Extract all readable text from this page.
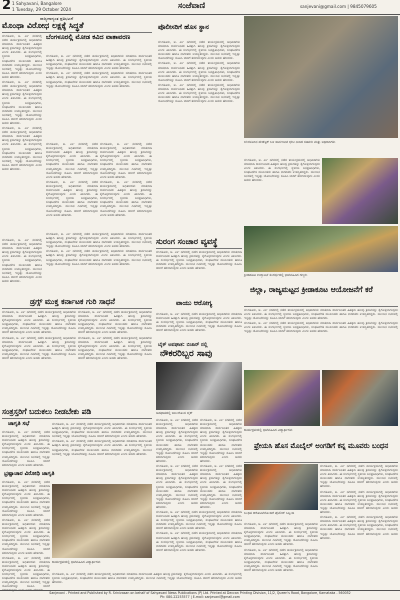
2 1 Sahyavani, Bangalore
1 Tuesday, 29 October 2024	ಸಂಜೆವಾಣಿ	sanjevani@gmail.com | 9845079605
ರಾಜ್ಯದಾದ್ಯಂತ ಪ್ರತಿಭಟನೆ
ಮೊಂಥಾ ವಿರೋಧ ಲಕ್ಷಕ್ಕೆ ಸಿದ್ಧತೆ

ಬೆಂಗಳೂರು, ಅ. ೨೮- ನಗರದಲ್ಲಿ ನಡೆದ ಕಾರ್ಯಕ್ರಮದಲ್ಲಿ ಅಧಿಕಾರಿಗಳು ಮಾತನಾಡಿ ಸಾರ್ವಜನಿಕರ ಹಿತಕ್ಕಾಗಿ ಹಲವು ಕ್ರಮಗಳನ್ನು ಕೈಗೊಳ್ಳಲಾಗುವುದು ಎಂದು ತಿಳಿಸಿದರು. ಈ ಸಂದರ್ಭದಲ್ಲಿ ಸ್ಥಳೀಯ ಜನಪ್ರತಿನಿಧಿಗಳು, ಸಂಘಟನೆಗಳ ಮುಖಂಡರು ಹಾಗೂ ನಾಗರಿಕರು ಉಪಸ್ಥಿತರಿದ್ದರು. ಮುಂದಿನ ದಿನಗಳಲ್ಲಿ ಇನ್ನಷ್ಟು ಯೋಜನೆಗಳನ್ನು ರೂಪಿಸಿ ಜಾರಿಗೆ ತರಲಾಗುವುದು ಎಂದು ಅವರು ಹೇಳಿದರು.

ಬೆಂಗಳೂರು, ಅ. ೨೮- ನಗರದಲ್ಲಿ ನಡೆದ ಕಾರ್ಯಕ್ರಮದಲ್ಲಿ ಅಧಿಕಾರಿಗಳು ಮಾತನಾಡಿ ಸಾರ್ವಜನಿಕರ ಹಿತಕ್ಕಾಗಿ ಹಲವು ಕ್ರಮಗಳನ್ನು ಕೈಗೊಳ್ಳಲಾಗುವುದು ಎಂದು ತಿಳಿಸಿದರು. ಈ ಸಂದರ್ಭದಲ್ಲಿ ಸ್ಥಳೀಯ ಜನಪ್ರತಿನಿಧಿಗಳು, ಸಂಘಟನೆಗಳ ಮುಖಂಡರು ಹಾಗೂ ನಾಗರಿಕರು ಉಪಸ್ಥಿತರಿದ್ದರು. ಮುಂದಿನ ದಿನಗಳಲ್ಲಿ ಇನ್ನಷ್ಟು ಯೋಜನೆಗಳನ್ನು ರೂಪಿಸಿ ಜಾರಿಗೆ ತರಲಾಗುವುದು ಎಂದು ಅವರು ಹೇಳಿದರು.

ಬೆಂಗಳೂರು, ಅ. ೨೮- ನಗರದಲ್ಲಿ ನಡೆದ ಕಾರ್ಯಕ್ರಮದಲ್ಲಿ ಅಧಿಕಾರಿಗಳು ಮಾತನಾಡಿ ಸಾರ್ವಜನಿಕರ ಹಿತಕ್ಕಾಗಿ ಹಲವು ಕ್ರಮಗಳನ್ನು ಕೈಗೊಳ್ಳಲಾಗುವುದು ಎಂದು ತಿಳಿಸಿದರು. ಈ ಸಂದರ್ಭದಲ್ಲಿ ಸ್ಥಳೀಯ ಜನಪ್ರತಿನಿಧಿಗಳು, ಸಂಘಟನೆಗಳ ಮುಖಂಡರು ಹಾಗೂ ನಾಗರಿಕರು ಉಪಸ್ಥಿತರಿದ್ದರು. ಮುಂದಿನ ದಿನಗಳಲ್ಲಿ ಇನ್ನಷ್ಟು ಯೋಜನೆಗಳನ್ನು ರೂಪಿಸಿ ಜಾರಿಗೆ ತರಲಾಗುವುದು ಎಂದು ಅವರು ಹೇಳಿದರು.

ಬೆಂಗಳೂರಲ್ಲಿ ಮೋಡ ಕವಿದ ವಾತಾವರಣ

ಬೆಂಗಳೂರು, ಅ. ೨೮- ನಗರದಲ್ಲಿ ನಡೆದ ಕಾರ್ಯಕ್ರಮದಲ್ಲಿ ಅಧಿಕಾರಿಗಳು ಮಾತನಾಡಿ ಸಾರ್ವಜನಿಕರ ಹಿತಕ್ಕಾಗಿ ಹಲವು ಕ್ರಮಗಳನ್ನು ಕೈಗೊಳ್ಳಲಾಗುವುದು ಎಂದು ತಿಳಿಸಿದರು. ಈ ಸಂದರ್ಭದಲ್ಲಿ ಸ್ಥಳೀಯ ಜನಪ್ರತಿನಿಧಿಗಳು, ಸಂಘಟನೆಗಳ ಮುಖಂಡರು ಹಾಗೂ ನಾಗರಿಕರು ಉಪಸ್ಥಿತರಿದ್ದರು. ಮುಂದಿನ ದಿನಗಳಲ್ಲಿ ಇನ್ನಷ್ಟು ಯೋಜನೆಗಳನ್ನು ರೂಪಿಸಿ ಜಾರಿಗೆ ತರಲಾಗುವುದು ಎಂದು ಅವರು ಹೇಳಿದರು.

ಬೆಂಗಳೂರು, ಅ. ೨೮- ನಗರದಲ್ಲಿ ನಡೆದ ಕಾರ್ಯಕ್ರಮದಲ್ಲಿ ಅಧಿಕಾರಿಗಳು ಮಾತನಾಡಿ ಸಾರ್ವಜನಿಕರ ಹಿತಕ್ಕಾಗಿ ಹಲವು ಕ್ರಮಗಳನ್ನು ಕೈಗೊಳ್ಳಲಾಗುವುದು ಎಂದು ತಿಳಿಸಿದರು. ಈ ಸಂದರ್ಭದಲ್ಲಿ ಸ್ಥಳೀಯ ಜನಪ್ರತಿನಿಧಿಗಳು, ಸಂಘಟನೆಗಳ ಮುಖಂಡರು ಹಾಗೂ ನಾಗರಿಕರು ಉಪಸ್ಥಿತರಿದ್ದರು. ಮುಂದಿನ ದಿನಗಳಲ್ಲಿ ಇನ್ನಷ್ಟು ಯೋಜನೆಗಳನ್ನು ರೂಪಿಸಿ ಜಾರಿಗೆ ತರಲಾಗುವುದು ಎಂದು ಅವರು ಹೇಳಿದರು.

ಬೆಂಗಳೂರು, ಅ. ೨೮- ನಗರದಲ್ಲಿ ನಡೆದ ಕಾರ್ಯಕ್ರಮದಲ್ಲಿ ಅಧಿಕಾರಿಗಳು ಮಾತನಾಡಿ ಸಾರ್ವಜನಿಕರ ಹಿತಕ್ಕಾಗಿ ಹಲವು ಕ್ರಮಗಳನ್ನು ಕೈಗೊಳ್ಳಲಾಗುವುದು ಎಂದು ತಿಳಿಸಿದರು. ಈ ಸಂದರ್ಭದಲ್ಲಿ ಸ್ಥಳೀಯ ಜನಪ್ರತಿನಿಧಿಗಳು, ಸಂಘಟನೆಗಳ ಮುಖಂಡರು ಹಾಗೂ ನಾಗರಿಕರು ಉಪಸ್ಥಿತರಿದ್ದರು. ಮುಂದಿನ ದಿನಗಳಲ್ಲಿ ಇನ್ನಷ್ಟು ಯೋಜನೆಗಳನ್ನು ರೂಪಿಸಿ ಜಾರಿಗೆ ತರಲಾಗುವುದು ಎಂದು ಅವರು ಹೇಳಿದರು.

ಬೆಂಗಳೂರು, ಅ. ೨೮- ನಗರದಲ್ಲಿ ನಡೆದ ಕಾರ್ಯಕ್ರಮದಲ್ಲಿ ಅಧಿಕಾರಿಗಳು ಮಾತನಾಡಿ ಸಾರ್ವಜನಿಕರ ಹಿತಕ್ಕಾಗಿ ಹಲವು ಕ್ರಮಗಳನ್ನು ಕೈಗೊಳ್ಳಲಾಗುವುದು ಎಂದು ತಿಳಿಸಿದರು. ಈ ಸಂದರ್ಭದಲ್ಲಿ ಸ್ಥಳೀಯ ಜನಪ್ರತಿನಿಧಿಗಳು, ಸಂಘಟನೆಗಳ ಮುಖಂಡರು ಹಾಗೂ ನಾಗರಿಕರು ಉಪಸ್ಥಿತರಿದ್ದರು. ಮುಂದಿನ ದಿನಗಳಲ್ಲಿ ಇನ್ನಷ್ಟು ಯೋಜನೆಗಳನ್ನು ರೂಪಿಸಿ ಜಾರಿಗೆ ತರಲಾಗುವುದು ಎಂದು ಅವರು ಹೇಳಿದರು.

ಬೆಂಗಳೂರು, ಅ. ೨೮- ನಗರದಲ್ಲಿ ನಡೆದ ಕಾರ್ಯಕ್ರಮದಲ್ಲಿ ಅಧಿಕಾರಿಗಳು ಮಾತನಾಡಿ ಸಾರ್ವಜನಿಕರ ಹಿತಕ್ಕಾಗಿ ಹಲವು ಕ್ರಮಗಳನ್ನು ಕೈಗೊಳ್ಳಲಾಗುವುದು ಎಂದು ತಿಳಿಸಿದರು. ಈ ಸಂದರ್ಭದಲ್ಲಿ ಸ್ಥಳೀಯ ಜನಪ್ರತಿನಿಧಿಗಳು, ಸಂಘಟನೆಗಳ ಮುಖಂಡರು ಹಾಗೂ ನಾಗರಿಕರು ಉಪಸ್ಥಿತರಿದ್ದರು. ಮುಂದಿನ ದಿನಗಳಲ್ಲಿ ಇನ್ನಷ್ಟು ಯೋಜನೆಗಳನ್ನು ರೂಪಿಸಿ ಜಾರಿಗೆ ತರಲಾಗುವುದು ಎಂದು ಅವರು ಹೇಳಿದರು.

ಬೆಂಗಳೂರು, ಅ. ೨೮- ನಗರದಲ್ಲಿ ನಡೆದ ಕಾರ್ಯಕ್ರಮದಲ್ಲಿ ಅಧಿಕಾರಿಗಳು ಮಾತನಾಡಿ ಸಾರ್ವಜನಿಕರ ಹಿತಕ್ಕಾಗಿ ಹಲವು ಕ್ರಮಗಳನ್ನು ಕೈಗೊಳ್ಳಲಾಗುವುದು ಎಂದು ತಿಳಿಸಿದರು. ಈ ಸಂದರ್ಭದಲ್ಲಿ ಸ್ಥಳೀಯ ಜನಪ್ರತಿನಿಧಿಗಳು, ಸಂಘಟನೆಗಳ ಮುಖಂಡರು ಹಾಗೂ ನಾಗರಿಕರು ಉಪಸ್ಥಿತರಿದ್ದರು. ಮುಂದಿನ ದಿನಗಳಲ್ಲಿ ಇನ್ನಷ್ಟು ಯೋಜನೆಗಳನ್ನು ರೂಪಿಸಿ ಜಾರಿಗೆ ತರಲಾಗುವುದು ಎಂದು ಅವರು ಹೇಳಿದರು.

ಪೊಲೀಸರಿಗೆ ಹೊಸ ಸ್ಥಾನ

ಬೆಂಗಳೂರು, ಅ. ೨೮- ನಗರದಲ್ಲಿ ನಡೆದ ಕಾರ್ಯಕ್ರಮದಲ್ಲಿ ಅಧಿಕಾರಿಗಳು ಮಾತನಾಡಿ ಸಾರ್ವಜನಿಕರ ಹಿತಕ್ಕಾಗಿ ಹಲವು ಕ್ರಮಗಳನ್ನು ಕೈಗೊಳ್ಳಲಾಗುವುದು ಎಂದು ತಿಳಿಸಿದರು. ಈ ಸಂದರ್ಭದಲ್ಲಿ ಸ್ಥಳೀಯ ಜನಪ್ರತಿನಿಧಿಗಳು, ಸಂಘಟನೆಗಳ ಮುಖಂಡರು ಹಾಗೂ ನಾಗರಿಕರು ಉಪಸ್ಥಿತರಿದ್ದರು. ಮುಂದಿನ ದಿನಗಳಲ್ಲಿ ಇನ್ನಷ್ಟು ಯೋಜನೆಗಳನ್ನು ರೂಪಿಸಿ ಜಾರಿಗೆ ತರಲಾಗುವುದು ಎಂದು ಅವರು ಹೇಳಿದರು.

ಬೆಂಗಳೂರು, ಅ. ೨೮- ನಗರದಲ್ಲಿ ನಡೆದ ಕಾರ್ಯಕ್ರಮದಲ್ಲಿ ಅಧಿಕಾರಿಗಳು ಮಾತನಾಡಿ ಸಾರ್ವಜನಿಕರ ಹಿತಕ್ಕಾಗಿ ಹಲವು ಕ್ರಮಗಳನ್ನು ಕೈಗೊಳ್ಳಲಾಗುವುದು ಎಂದು ತಿಳಿಸಿದರು. ಈ ಸಂದರ್ಭದಲ್ಲಿ ಸ್ಥಳೀಯ ಜನಪ್ರತಿನಿಧಿಗಳು, ಸಂಘಟನೆಗಳ ಮುಖಂಡರು ಹಾಗೂ ನಾಗರಿಕರು ಉಪಸ್ಥಿತರಿದ್ದರು. ಮುಂದಿನ ದಿನಗಳಲ್ಲಿ ಇನ್ನಷ್ಟು ಯೋಜನೆಗಳನ್ನು ರೂಪಿಸಿ ಜಾರಿಗೆ ತರಲಾಗುವುದು ಎಂದು ಅವರು ಹೇಳಿದರು.

ಬೆಂಗಳೂರು, ಅ. ೨೮- ನಗರದಲ್ಲಿ ನಡೆದ ಕಾರ್ಯಕ್ರಮದಲ್ಲಿ ಅಧಿಕಾರಿಗಳು ಮಾತನಾಡಿ ಸಾರ್ವಜನಿಕರ ಹಿತಕ್ಕಾಗಿ ಹಲವು ಕ್ರಮಗಳನ್ನು ಕೈಗೊಳ್ಳಲಾಗುವುದು ಎಂದು ತಿಳಿಸಿದರು. ಈ ಸಂದರ್ಭದಲ್ಲಿ ಸ್ಥಳೀಯ ಜನಪ್ರತಿನಿಧಿಗಳು, ಸಂಘಟನೆಗಳ ಮುಖಂಡರು ಹಾಗೂ ನಾಗರಿಕರು ಉಪಸ್ಥಿತರಿದ್ದರು. ಮುಂದಿನ ದಿನಗಳಲ್ಲಿ ಇನ್ನಷ್ಟು ಯೋಜನೆಗಳನ್ನು ರೂಪಿಸಿ ಜಾರಿಗೆ ತರಲಾಗುವುದು ಎಂದು ಅವರು ಹೇಳಿದರು.

ಬೆಂಗಳೂರಿನ ಮೆಜೆಸ್ಟಿಕ್ ಬಳಿ ಸಾರ್ವಜನಿಕ ಭೇಟಿ ನೀಡಿದ ಸಚಿವರು ಮತ್ತು ಅಧಿಕಾರಿಗಳು

ಬೆಂಗಳೂರು, ಅ. ೨೮- ನಗರದಲ್ಲಿ ನಡೆದ ಕಾರ್ಯಕ್ರಮದಲ್ಲಿ ಅಧಿಕಾರಿಗಳು ಮಾತನಾಡಿ ಸಾರ್ವಜನಿಕರ ಹಿತಕ್ಕಾಗಿ ಹಲವು ಕ್ರಮಗಳನ್ನು ಕೈಗೊಳ್ಳಲಾಗುವುದು ಎಂದು ತಿಳಿಸಿದರು. ಈ ಸಂದರ್ಭದಲ್ಲಿ ಸ್ಥಳೀಯ ಜನಪ್ರತಿನಿಧಿಗಳು, ಸಂಘಟನೆಗಳ ಮುಖಂಡರು ಹಾಗೂ ನಾಗರಿಕರು ಉಪಸ್ಥಿತರಿದ್ದರು. ಮುಂದಿನ ದಿನಗಳಲ್ಲಿ ಇನ್ನಷ್ಟು ಯೋಜನೆಗಳನ್ನು ರೂಪಿಸಿ ಜಾರಿಗೆ ತರಲಾಗುವುದು ಎಂದು ಅವರು ಹೇಳಿದರು.

ಸುರಂಗ ಸಂಚಾರ ವ್ಯವಸ್ಥೆ

ಬೆಂಗಳೂರು, ಅ. ೨೮- ನಗರದಲ್ಲಿ ನಡೆದ ಕಾರ್ಯಕ್ರಮದಲ್ಲಿ ಅಧಿಕಾರಿಗಳು ಮಾತನಾಡಿ ಸಾರ್ವಜನಿಕರ ಹಿತಕ್ಕಾಗಿ ಹಲವು ಕ್ರಮಗಳನ್ನು ಕೈಗೊಳ್ಳಲಾಗುವುದು ಎಂದು ತಿಳಿಸಿದರು. ಈ ಸಂದರ್ಭದಲ್ಲಿ ಸ್ಥಳೀಯ ಜನಪ್ರತಿನಿಧಿಗಳು, ಸಂಘಟನೆಗಳ ಮುಖಂಡರು ಹಾಗೂ ನಾಗರಿಕರು ಉಪಸ್ಥಿತರಿದ್ದರು. ಮುಂದಿನ ದಿನಗಳಲ್ಲಿ ಇನ್ನಷ್ಟು ಯೋಜನೆಗಳನ್ನು ರೂಪಿಸಿ ಜಾರಿಗೆ ತರಲಾಗುವುದು ಎಂದು ಅವರು ಹೇಳಿದರು.

ಕ್ರೀಡಾಕೂಟ ಉದ್ಘಾಟನೆ ಸಂದರ್ಭದಲ್ಲಿ ಭಾಗವಹಿಸಿದ ಗಣ್ಯರು
ಜಿಲ್ಲಾ, ರಾಜ್ಯಮಟ್ಟದ ಕ್ರೀಡಾಕೂಟ ಆಯೋಜನೆಗೆ ಕರೆ

ಬೆಂಗಳೂರು, ಅ. ೨೮- ನಗರದಲ್ಲಿ ನಡೆದ ಕಾರ್ಯಕ್ರಮದಲ್ಲಿ ಅಧಿಕಾರಿಗಳು ಮಾತನಾಡಿ ಸಾರ್ವಜನಿಕರ ಹಿತಕ್ಕಾಗಿ ಹಲವು ಕ್ರಮಗಳನ್ನು ಕೈಗೊಳ್ಳಲಾಗುವುದು ಎಂದು ತಿಳಿಸಿದರು. ಈ ಸಂದರ್ಭದಲ್ಲಿ ಸ್ಥಳೀಯ ಜನಪ್ರತಿನಿಧಿಗಳು, ಸಂಘಟನೆಗಳ ಮುಖಂಡರು ಹಾಗೂ ನಾಗರಿಕರು ಉಪಸ್ಥಿತರಿದ್ದರು. ಮುಂದಿನ ದಿನಗಳಲ್ಲಿ ಇನ್ನಷ್ಟು ಯೋಜನೆಗಳನ್ನು ರೂಪಿಸಿ ಜಾರಿಗೆ ತರಲಾಗುವುದು ಎಂದು ಅವರು ಹೇಳಿದರು.

ಬೆಂಗಳೂರು, ಅ. ೨೮- ನಗರದಲ್ಲಿ ನಡೆದ ಕಾರ್ಯಕ್ರಮದಲ್ಲಿ ಅಧಿಕಾರಿಗಳು ಮಾತನಾಡಿ ಸಾರ್ವಜನಿಕರ ಹಿತಕ್ಕಾಗಿ ಹಲವು ಕ್ರಮಗಳನ್ನು ಕೈಗೊಳ್ಳಲಾಗುವುದು ಎಂದು ತಿಳಿಸಿದರು. ಈ ಸಂದರ್ಭದಲ್ಲಿ ಸ್ಥಳೀಯ ಜನಪ್ರತಿನಿಧಿಗಳು, ಸಂಘಟನೆಗಳ ಮುಖಂಡರು ಹಾಗೂ ನಾಗರಿಕರು ಉಪಸ್ಥಿತರಿದ್ದರು. ಮುಂದಿನ ದಿನಗಳಲ್ಲಿ ಇನ್ನಷ್ಟು ಯೋಜನೆಗಳನ್ನು ರೂಪಿಸಿ ಜಾರಿಗೆ ತರಲಾಗುವುದು ಎಂದು ಅವರು ಹೇಳಿದರು.

ಕಾರ್ಯಕ್ರಮದಲ್ಲಿ ಭಾಗವಹಿಸಿದ ವಿದ್ಯಾರ್ಥಿಗಳು

ಬೆಂಗಳೂರು, ಅ. ೨೮- ನಗರದಲ್ಲಿ ನಡೆದ ಕಾರ್ಯಕ್ರಮದಲ್ಲಿ ಅಧಿಕಾರಿಗಳು ಮಾತನಾಡಿ ಸಾರ್ವಜನಿಕರ ಹಿತಕ್ಕಾಗಿ ಹಲವು ಕ್ರಮಗಳನ್ನು ಕೈಗೊಳ್ಳಲಾಗುವುದು ಎಂದು ತಿಳಿಸಿದರು. ಈ ಸಂದರ್ಭದಲ್ಲಿ ಸ್ಥಳೀಯ ಜನಪ್ರತಿನಿಧಿಗಳು, ಸಂಘಟನೆಗಳ ಮುಖಂಡರು ಹಾಗೂ ನಾಗರಿಕರು ಉಪಸ್ಥಿತರಿದ್ದರು. ಮುಂದಿನ ದಿನಗಳಲ್ಲಿ ಇನ್ನಷ್ಟು ಯೋಜನೆಗಳನ್ನು ರೂಪಿಸಿ ಜಾರಿಗೆ ತರಲಾಗುವುದು ಎಂದು ಅವರು ಹೇಳಿದರು.

ಬೆಂಗಳೂರು, ಅ. ೨೮- ನಗರದಲ್ಲಿ ನಡೆದ ಕಾರ್ಯಕ್ರಮದಲ್ಲಿ ಅಧಿಕಾರಿಗಳು ಮಾತನಾಡಿ ಸಾರ್ವಜನಿಕರ ಹಿತಕ್ಕಾಗಿ ಹಲವು ಕ್ರಮಗಳನ್ನು ಕೈಗೊಳ್ಳಲಾಗುವುದು ಎಂದು ತಿಳಿಸಿದರು. ಈ ಸಂದರ್ಭದಲ್ಲಿ ಸ್ಥಳೀಯ ಜನಪ್ರತಿನಿಧಿಗಳು, ಸಂಘಟನೆಗಳ ಮುಖಂಡರು ಹಾಗೂ ನಾಗರಿಕರು ಉಪಸ್ಥಿತರಿದ್ದರು. ಮುಂದಿನ ದಿನಗಳಲ್ಲಿ ಇನ್ನಷ್ಟು ಯೋಜನೆಗಳನ್ನು ರೂಪಿಸಿ ಜಾರಿಗೆ ತರಲಾಗುವುದು ಎಂದು ಅವರು ಹೇಳಿದರು.

ಬೆಂಗಳೂರು, ಅ. ೨೮- ನಗರದಲ್ಲಿ ನಡೆದ ಕಾರ್ಯಕ್ರಮದಲ್ಲಿ ಅಧಿಕಾರಿಗಳು ಮಾತನಾಡಿ ಸಾರ್ವಜನಿಕರ ಹಿತಕ್ಕಾಗಿ ಹಲವು ಕ್ರಮಗಳನ್ನು ಕೈಗೊಳ್ಳಲಾಗುವುದು ಎಂದು ತಿಳಿಸಿದರು. ಈ ಸಂದರ್ಭದಲ್ಲಿ ಸ್ಥಳೀಯ ಜನಪ್ರತಿನಿಧಿಗಳು, ಸಂಘಟನೆಗಳ ಮುಖಂಡರು ಹಾಗೂ ನಾಗರಿಕರು ಉಪಸ್ಥಿತರಿದ್ದರು. ಮುಂದಿನ ದಿನಗಳಲ್ಲಿ ಇನ್ನಷ್ಟು ಯೋಜನೆಗಳನ್ನು ರೂಪಿಸಿ ಜಾರಿಗೆ ತರಲಾಗುವುದು ಎಂದು ಅವರು ಹೇಳಿದರು.

ಡ್ರಗ್ಸ್ ಮುಕ್ತ ಕರ್ನಾಟಕ ಗುರಿ ಸಾಧನೆ

ಬೆಂಗಳೂರು, ಅ. ೨೮- ನಗರದಲ್ಲಿ ನಡೆದ ಕಾರ್ಯಕ್ರಮದಲ್ಲಿ ಅಧಿಕಾರಿಗಳು ಮಾತನಾಡಿ ಸಾರ್ವಜನಿಕರ ಹಿತಕ್ಕಾಗಿ ಹಲವು ಕ್ರಮಗಳನ್ನು ಕೈಗೊಳ್ಳಲಾಗುವುದು ಎಂದು ತಿಳಿಸಿದರು. ಈ ಸಂದರ್ಭದಲ್ಲಿ ಸ್ಥಳೀಯ ಜನಪ್ರತಿನಿಧಿಗಳು, ಸಂಘಟನೆಗಳ ಮುಖಂಡರು ಹಾಗೂ ನಾಗರಿಕರು ಉಪಸ್ಥಿತರಿದ್ದರು. ಮುಂದಿನ ದಿನಗಳಲ್ಲಿ ಇನ್ನಷ್ಟು ಯೋಜನೆಗಳನ್ನು ರೂಪಿಸಿ ಜಾರಿಗೆ ತರಲಾಗುವುದು ಎಂದು ಅವರು ಹೇಳಿದರು.

ಬೆಂಗಳೂರು, ಅ. ೨೮- ನಗರದಲ್ಲಿ ನಡೆದ ಕಾರ್ಯಕ್ರಮದಲ್ಲಿ ಅಧಿಕಾರಿಗಳು ಮಾತನಾಡಿ ಸಾರ್ವಜನಿಕರ ಹಿತಕ್ಕಾಗಿ ಹಲವು ಕ್ರಮಗಳನ್ನು ಕೈಗೊಳ್ಳಲಾಗುವುದು ಎಂದು ತಿಳಿಸಿದರು. ಈ ಸಂದರ್ಭದಲ್ಲಿ ಸ್ಥಳೀಯ ಜನಪ್ರತಿನಿಧಿಗಳು, ಸಂಘಟನೆಗಳ ಮುಖಂಡರು ಹಾಗೂ ನಾಗರಿಕರು ಉಪಸ್ಥಿತರಿದ್ದರು. ಮುಂದಿನ ದಿನಗಳಲ್ಲಿ ಇನ್ನಷ್ಟು ಯೋಜನೆಗಳನ್ನು ರೂಪಿಸಿ ಜಾರಿಗೆ ತರಲಾಗುವುದು ಎಂದು ಅವರು ಹೇಳಿದರು.

ಬೆಂಗಳೂರು, ಅ. ೨೮- ನಗರದಲ್ಲಿ ನಡೆದ ಕಾರ್ಯಕ್ರಮದಲ್ಲಿ ಅಧಿಕಾರಿಗಳು ಮಾತನಾಡಿ ಸಾರ್ವಜನಿಕರ ಹಿತಕ್ಕಾಗಿ ಹಲವು ಕ್ರಮಗಳನ್ನು ಕೈಗೊಳ್ಳಲಾಗುವುದು ಎಂದು ತಿಳಿಸಿದರು. ಈ ಸಂದರ್ಭದಲ್ಲಿ ಸ್ಥಳೀಯ ಜನಪ್ರತಿನಿಧಿಗಳು, ಸಂಘಟನೆಗಳ ಮುಖಂಡರು ಹಾಗೂ ನಾಗರಿಕರು ಉಪಸ್ಥಿತರಿದ್ದರು. ಮುಂದಿನ ದಿನಗಳಲ್ಲಿ ಇನ್ನಷ್ಟು ಯೋಜನೆಗಳನ್ನು ರೂಪಿಸಿ ಜಾರಿಗೆ ತರಲಾಗುವುದು ಎಂದು ಅವರು ಹೇಳಿದರು.

ಬೆಂಗಳೂರು, ಅ. ೨೮- ನಗರದಲ್ಲಿ ನಡೆದ ಕಾರ್ಯಕ್ರಮದಲ್ಲಿ ಅಧಿಕಾರಿಗಳು ಮಾತನಾಡಿ ಸಾರ್ವಜನಿಕರ ಹಿತಕ್ಕಾಗಿ ಹಲವು ಕ್ರಮಗಳನ್ನು ಕೈಗೊಳ್ಳಲಾಗುವುದು ಎಂದು ತಿಳಿಸಿದರು. ಈ ಸಂದರ್ಭದಲ್ಲಿ ಸ್ಥಳೀಯ ಜನಪ್ರತಿನಿಧಿಗಳು, ಸಂಘಟನೆಗಳ ಮುಖಂಡರು ಹಾಗೂ ನಾಗರಿಕರು ಉಪಸ್ಥಿತರಿದ್ದರು. ಮುಂದಿನ ದಿನಗಳಲ್ಲಿ ಇನ್ನಷ್ಟು ಯೋಜನೆಗಳನ್ನು ರೂಪಿಸಿ ಜಾರಿಗೆ ತರಲಾಗುವುದು ಎಂದು ಅವರು ಹೇಳಿದರು.

ವಾಯು ಆರೋಗ್ಯ

ಬೆಂಗಳೂರು, ಅ. ೨೮- ನಗರದಲ್ಲಿ ನಡೆದ ಕಾರ್ಯಕ್ರಮದಲ್ಲಿ ಅಧಿಕಾರಿಗಳು ಮಾತನಾಡಿ ಸಾರ್ವಜನಿಕರ ಹಿತಕ್ಕಾಗಿ ಹಲವು ಕ್ರಮಗಳನ್ನು ಕೈಗೊಳ್ಳಲಾಗುವುದು ಎಂದು ತಿಳಿಸಿದರು. ಈ ಸಂದರ್ಭದಲ್ಲಿ ಸ್ಥಳೀಯ ಜನಪ್ರತಿನಿಧಿಗಳು, ಸಂಘಟನೆಗಳ ಮುಖಂಡರು ಹಾಗೂ ನಾಗರಿಕರು ಉಪಸ್ಥಿತರಿದ್ದರು. ಮುಂದಿನ ದಿನಗಳಲ್ಲಿ ಇನ್ನಷ್ಟು ಯೋಜನೆಗಳನ್ನು ರೂಪಿಸಿ ಜಾರಿಗೆ ತರಲಾಗುವುದು ಎಂದು ಅವರು ಹೇಳಿದರು.

ಬೈಕ್ ಅಪಘಾತ: ಬಿಜಾರ್ ನಲ್ಲಿ
ನೌಕರರಿಬ್ಬರ ಸಾವು
ಅಪಘಾತದಲ್ಲಿ ಜಖಂಗೊಂಡ ಬೈಕ್

ಬೆಂಗಳೂರು, ಅ. ೨೮- ನಗರದಲ್ಲಿ ನಡೆದ ಕಾರ್ಯಕ್ರಮದಲ್ಲಿ ಅಧಿಕಾರಿಗಳು ಮಾತನಾಡಿ ಸಾರ್ವಜನಿಕರ ಹಿತಕ್ಕಾಗಿ ಹಲವು ಕ್ರಮಗಳನ್ನು ಕೈಗೊಳ್ಳಲಾಗುವುದು ಎಂದು ತಿಳಿಸಿದರು. ಈ ಸಂದರ್ಭದಲ್ಲಿ ಸ್ಥಳೀಯ ಜನಪ್ರತಿನಿಧಿಗಳು, ಸಂಘಟನೆಗಳ ಮುಖಂಡರು ಹಾಗೂ ನಾಗರಿಕರು ಉಪಸ್ಥಿತರಿದ್ದರು. ಮುಂದಿನ ದಿನಗಳಲ್ಲಿ ಇನ್ನಷ್ಟು ಯೋಜನೆಗಳನ್ನು ರೂಪಿಸಿ ಜಾರಿಗೆ ತರಲಾಗುವುದು ಎಂದು ಅವರು ಹೇಳಿದರು.

ಬೆಂಗಳೂರು, ಅ. ೨೮- ನಗರದಲ್ಲಿ ನಡೆದ ಕಾರ್ಯಕ್ರಮದಲ್ಲಿ ಅಧಿಕಾರಿಗಳು ಮಾತನಾಡಿ ಸಾರ್ವಜನಿಕರ ಹಿತಕ್ಕಾಗಿ ಹಲವು ಕ್ರಮಗಳನ್ನು ಕೈಗೊಳ್ಳಲಾಗುವುದು ಎಂದು ತಿಳಿಸಿದರು. ಈ ಸಂದರ್ಭದಲ್ಲಿ ಸ್ಥಳೀಯ ಜನಪ್ರತಿನಿಧಿಗಳು, ಸಂಘಟನೆಗಳ ಮುಖಂಡರು ಹಾಗೂ ನಾಗರಿಕರು ಉಪಸ್ಥಿತರಿದ್ದರು. ಮುಂದಿನ ದಿನಗಳಲ್ಲಿ ಇನ್ನಷ್ಟು ಯೋಜನೆಗಳನ್ನು ರೂಪಿಸಿ ಜಾರಿಗೆ ತರಲಾಗುವುದು ಎಂದು ಅವರು ಹೇಳಿದರು.

ಬೆಂಗಳೂರು, ಅ. ೨೮- ನಗರದಲ್ಲಿ ನಡೆದ ಕಾರ್ಯಕ್ರಮದಲ್ಲಿ ಅಧಿಕಾರಿಗಳು ಮಾತನಾಡಿ ಸಾರ್ವಜನಿಕರ ಹಿತಕ್ಕಾಗಿ ಹಲವು ಕ್ರಮಗಳನ್ನು ಕೈಗೊಳ್ಳಲಾಗುವುದು ಎಂದು ತಿಳಿಸಿದರು. ಈ ಸಂದರ್ಭದಲ್ಲಿ ಸ್ಥಳೀಯ ಜನಪ್ರತಿನಿಧಿಗಳು, ಸಂಘಟನೆಗಳ ಮುಖಂಡರು ಹಾಗೂ ನಾಗರಿಕರು ಉಪಸ್ಥಿತರಿದ್ದರು. ಮುಂದಿನ ದಿನಗಳಲ್ಲಿ ಇನ್ನಷ್ಟು ಯೋಜನೆಗಳನ್ನು ರೂಪಿಸಿ ಜಾರಿಗೆ ತರಲಾಗುವುದು ಎಂದು ಅವರು ಹೇಳಿದರು.

ಬೆಂಗಳೂರು, ಅ. ೨೮- ನಗರದಲ್ಲಿ ನಡೆದ ಕಾರ್ಯಕ್ರಮದಲ್ಲಿ ಅಧಿಕಾರಿಗಳು ಮಾತನಾಡಿ ಸಾರ್ವಜನಿಕರ ಹಿತಕ್ಕಾಗಿ ಹಲವು ಕ್ರಮಗಳನ್ನು ಕೈಗೊಳ್ಳಲಾಗುವುದು ಎಂದು ತಿಳಿಸಿದರು. ಈ ಸಂದರ್ಭದಲ್ಲಿ ಸ್ಥಳೀಯ ಜನಪ್ರತಿನಿಧಿಗಳು, ಸಂಘಟನೆಗಳ ಮುಖಂಡರು ಹಾಗೂ ನಾಗರಿಕರು ಉಪಸ್ಥಿತರಿದ್ದರು. ಮುಂದಿನ ದಿನಗಳಲ್ಲಿ ಇನ್ನಷ್ಟು ಯೋಜನೆಗಳನ್ನು ರೂಪಿಸಿ ಜಾರಿಗೆ ತರಲಾಗುವುದು ಎಂದು ಅವರು ಹೇಳಿದರು.

ಸಂತ್ರಸ್ತರಿಗೆ ಬದುಕಲು ನೀಡಬೇಕು ಪಡಿ
ಜಾಗೃತಿ ಸಭೆ

ಬೆಂಗಳೂರು, ಅ. ೨೮- ನಗರದಲ್ಲಿ ನಡೆದ ಕಾರ್ಯಕ್ರಮದಲ್ಲಿ ಅಧಿಕಾರಿಗಳು ಮಾತನಾಡಿ ಸಾರ್ವಜನಿಕರ ಹಿತಕ್ಕಾಗಿ ಹಲವು ಕ್ರಮಗಳನ್ನು ಕೈಗೊಳ್ಳಲಾಗುವುದು ಎಂದು ತಿಳಿಸಿದರು. ಈ ಸಂದರ್ಭದಲ್ಲಿ ಸ್ಥಳೀಯ ಜನಪ್ರತಿನಿಧಿಗಳು, ಸಂಘಟನೆಗಳ ಮುಖಂಡರು ಹಾಗೂ ನಾಗರಿಕರು ಉಪಸ್ಥಿತರಿದ್ದರು. ಮುಂದಿನ ದಿನಗಳಲ್ಲಿ ಇನ್ನಷ್ಟು ಯೋಜನೆಗಳನ್ನು ರೂಪಿಸಿ ಜಾರಿಗೆ ತರಲಾಗುವುದು ಎಂದು ಅವರು ಹೇಳಿದರು.

ಭ್ರಷ್ಟಾಚಾರ ವಿರೋಧಿ ಜಾಗೃತಿ

ಬೆಂಗಳೂರು, ಅ. ೨೮- ನಗರದಲ್ಲಿ ನಡೆದ ಕಾರ್ಯಕ್ರಮದಲ್ಲಿ ಅಧಿಕಾರಿಗಳು ಮಾತನಾಡಿ ಸಾರ್ವಜನಿಕರ ಹಿತಕ್ಕಾಗಿ ಹಲವು ಕ್ರಮಗಳನ್ನು ಕೈಗೊಳ್ಳಲಾಗುವುದು ಎಂದು ತಿಳಿಸಿದರು. ಈ ಸಂದರ್ಭದಲ್ಲಿ ಸ್ಥಳೀಯ ಜನಪ್ರತಿನಿಧಿಗಳು, ಸಂಘಟನೆಗಳ ಮುಖಂಡರು ಹಾಗೂ ನಾಗರಿಕರು ಉಪಸ್ಥಿತರಿದ್ದರು. ಮುಂದಿನ ದಿನಗಳಲ್ಲಿ ಇನ್ನಷ್ಟು ಯೋಜನೆಗಳನ್ನು ರೂಪಿಸಿ ಜಾರಿಗೆ ತರಲಾಗುವುದು ಎಂದು ಅವರು ಹೇಳಿದರು.

ಬೆಂಗಳೂರು, ಅ. ೨೮- ನಗರದಲ್ಲಿ ನಡೆದ ಕಾರ್ಯಕ್ರಮದಲ್ಲಿ ಅಧಿಕಾರಿಗಳು ಮಾತನಾಡಿ ಸಾರ್ವಜನಿಕರ ಹಿತಕ್ಕಾಗಿ ಹಲವು ಕ್ರಮಗಳನ್ನು ಕೈಗೊಳ್ಳಲಾಗುವುದು ಎಂದು ತಿಳಿಸಿದರು. ಈ ಸಂದರ್ಭದಲ್ಲಿ ಸ್ಥಳೀಯ ಜನಪ್ರತಿನಿಧಿಗಳು, ಸಂಘಟನೆಗಳ ಮುಖಂಡರು ಹಾಗೂ ನಾಗರಿಕರು ಉಪಸ್ಥಿತರಿದ್ದರು. ಮುಂದಿನ ದಿನಗಳಲ್ಲಿ ಇನ್ನಷ್ಟು ಯೋಜನೆಗಳನ್ನು ರೂಪಿಸಿ ಜಾರಿಗೆ ತರಲಾಗುವುದು ಎಂದು ಅವರು ಹೇಳಿದರು.

ಬೆಂಗಳೂರು, ಅ. ೨೮- ನಗರದಲ್ಲಿ ನಡೆದ ಕಾರ್ಯಕ್ರಮದಲ್ಲಿ ಅಧಿಕಾರಿಗಳು ಮಾತನಾಡಿ ಸಾರ್ವಜನಿಕರ ಹಿತಕ್ಕಾಗಿ ಹಲವು ಕ್ರಮಗಳನ್ನು ಕೈಗೊಳ್ಳಲಾಗುವುದು ಎಂದು ತಿಳಿಸಿದರು. ಈ ಸಂದರ್ಭದಲ್ಲಿ ಸ್ಥಳೀಯ ಜನಪ್ರತಿನಿಧಿಗಳು, ಸಂಘಟನೆಗಳ ಮುಖಂಡರು ಹಾಗೂ ನಾಗರಿಕರು ಉಪಸ್ಥಿತರಿದ್ದರು. ಮುಂದಿನ ದಿನಗಳಲ್ಲಿ ಇನ್ನಷ್ಟು ಯೋಜನೆಗಳನ್ನು ರೂಪಿಸಿ ಜಾರಿಗೆ ತರಲಾಗುವುದು ಎಂದು ಅವರು ಹೇಳಿದರು.

ಬೆಂಗಳೂರು, ಅ. ೨೮- ನಗರದಲ್ಲಿ ನಡೆದ ಕಾರ್ಯಕ್ರಮದಲ್ಲಿ ಅಧಿಕಾರಿಗಳು ಮಾತನಾಡಿ ಸಾರ್ವಜನಿಕರ ಹಿತಕ್ಕಾಗಿ ಹಲವು ಕ್ರಮಗಳನ್ನು ಕೈಗೊಳ್ಳಲಾಗುವುದು ಎಂದು ತಿಳಿಸಿದರು. ಈ ಸಂದರ್ಭದಲ್ಲಿ ಸ್ಥಳೀಯ ಜನಪ್ರತಿನಿಧಿಗಳು, ಸಂಘಟನೆಗಳ ಮುಖಂಡರು ಹಾಗೂ ನಾಗರಿಕರು ಉಪಸ್ಥಿತರಿದ್ದರು. ಮುಂದಿನ ದಿನಗಳಲ್ಲಿ ಇನ್ನಷ್ಟು ಯೋಜನೆಗಳನ್ನು ರೂಪಿಸಿ ಜಾರಿಗೆ ತರಲಾಗುವುದು ಎಂದು ಅವರು ಹೇಳಿದರು.

ಬೆಂಗಳೂರು, ಅ. ೨೮- ನಗರದಲ್ಲಿ ನಡೆದ ಕಾರ್ಯಕ್ರಮದಲ್ಲಿ ಅಧಿಕಾರಿಗಳು ಮಾತನಾಡಿ ಸಾರ್ವಜನಿಕರ ಹಿತಕ್ಕಾಗಿ ಹಲವು ಕ್ರಮಗಳನ್ನು ಕೈಗೊಳ್ಳಲಾಗುವುದು ಎಂದು ತಿಳಿಸಿದರು. ಈ ಸಂದರ್ಭದಲ್ಲಿ ಸ್ಥಳೀಯ ಜನಪ್ರತಿನಿಧಿಗಳು, ಸಂಘಟನೆಗಳ ಮುಖಂಡರು ಹಾಗೂ ನಾಗರಿಕರು ಉಪಸ್ಥಿತರಿದ್ದರು. ಮುಂದಿನ ದಿನಗಳಲ್ಲಿ ಇನ್ನಷ್ಟು ಯೋಜನೆಗಳನ್ನು ರೂಪಿಸಿ ಜಾರಿಗೆ ತರಲಾಗುವುದು ಎಂದು ಅವರು ಹೇಳಿದರು.

ಕಾರ್ಯಕ್ರಮದಲ್ಲಿ ಭಾಗವಹಿಸಿದ ವಿದ್ಯಾರ್ಥಿಗಳು

ಬೆಂಗಳೂರು, ಅ. ೨೮- ನಗರದಲ್ಲಿ ನಡೆದ ಕಾರ್ಯಕ್ರಮದಲ್ಲಿ ಅಧಿಕಾರಿಗಳು ಮಾತನಾಡಿ ಸಾರ್ವಜನಿಕರ ಹಿತಕ್ಕಾಗಿ ಹಲವು ಕ್ರಮಗಳನ್ನು ಕೈಗೊಳ್ಳಲಾಗುವುದು ಎಂದು ತಿಳಿಸಿದರು. ಈ ಸಂದರ್ಭದಲ್ಲಿ ಸ್ಥಳೀಯ ಜನಪ್ರತಿನಿಧಿಗಳು, ಸಂಘಟನೆಗಳ ಮುಖಂಡರು ಹಾಗೂ ನಾಗರಿಕರು ಉಪಸ್ಥಿತರಿದ್ದರು. ಮುಂದಿನ ದಿನಗಳಲ್ಲಿ ಇನ್ನಷ್ಟು ಯೋಜನೆಗಳನ್ನು ರೂಪಿಸಿ ಜಾರಿಗೆ ತರಲಾಗುವುದು ಎಂದು ಅವರು ಹೇಳಿದರು.

ಬೆಂಗಳೂರು, ಅ. ೨೮- ನಗರದಲ್ಲಿ ನಡೆದ ಕಾರ್ಯಕ್ರಮದಲ್ಲಿ ಅಧಿಕಾರಿಗಳು ಮಾತನಾಡಿ ಸಾರ್ವಜನಿಕರ ಹಿತಕ್ಕಾಗಿ ಹಲವು ಕ್ರಮಗಳನ್ನು ಕೈಗೊಳ್ಳಲಾಗುವುದು ಎಂದು ತಿಳಿಸಿದರು. ಈ ಸಂದರ್ಭದಲ್ಲಿ ಸ್ಥಳೀಯ ಜನಪ್ರತಿನಿಧಿಗಳು, ಸಂಘಟನೆಗಳ ಮುಖಂಡರು ಹಾಗೂ ನಾಗರಿಕರು ಉಪಸ್ಥಿತರಿದ್ದರು. ಮುಂದಿನ ದಿನಗಳಲ್ಲಿ ಇನ್ನಷ್ಟು ಯೋಜನೆಗಳನ್ನು ರೂಪಿಸಿ ಜಾರಿಗೆ ತರಲಾಗುವುದು ಎಂದು ಅವರು ಹೇಳಿದರು.

ಬೆಂಗಳೂರು, ಅ. ೨೮- ನಗರದಲ್ಲಿ ನಡೆದ ಕಾರ್ಯಕ್ರಮದಲ್ಲಿ ಅಧಿಕಾರಿಗಳು ಮಾತನಾಡಿ ಸಾರ್ವಜನಿಕರ ಹಿತಕ್ಕಾಗಿ ಹಲವು ಕ್ರಮಗಳನ್ನು ಕೈಗೊಳ್ಳಲಾಗುವುದು ಎಂದು ತಿಳಿಸಿದರು. ಈ ಸಂದರ್ಭದಲ್ಲಿ ಸ್ಥಳೀಯ ಜನಪ್ರತಿನಿಧಿಗಳು, ಸಂಘಟನೆಗಳ ಮುಖಂಡರು ಹಾಗೂ ನಾಗರಿಕರು ಉಪಸ್ಥಿತರಿದ್ದರು. ಮುಂದಿನ ದಿನಗಳಲ್ಲಿ ಇನ್ನಷ್ಟು ಯೋಜನೆಗಳನ್ನು ರೂಪಿಸಿ ಜಾರಿಗೆ ತರಲಾಗುವುದು ಎಂದು ಅವರು ಹೇಳಿದರು.

ಫ್ರೇಯಸಿ ಹೊಸ ಮೊಬೈಲ್ ಅಂಗಡಿಗೆ ಕನ್ನ ಮೂವರು ಬಂಧನ

ಬೆಂಗಳೂರು, ಅ. ೨೮- ನಗರದಲ್ಲಿ ನಡೆದ ಕಾರ್ಯಕ್ರಮದಲ್ಲಿ ಅಧಿಕಾರಿಗಳು ಮಾತನಾಡಿ ಸಾರ್ವಜನಿಕರ ಹಿತಕ್ಕಾಗಿ ಹಲವು ಕ್ರಮಗಳನ್ನು ಕೈಗೊಳ್ಳಲಾಗುವುದು ಎಂದು ತಿಳಿಸಿದರು. ಈ ಸಂದರ್ಭದಲ್ಲಿ ಸ್ಥಳೀಯ ಜನಪ್ರತಿನಿಧಿಗಳು, ಸಂಘಟನೆಗಳ ಮುಖಂಡರು ಹಾಗೂ ನಾಗರಿಕರು ಉಪಸ್ಥಿತರಿದ್ದರು. ಮುಂದಿನ ದಿನಗಳಲ್ಲಿ ಇನ್ನಷ್ಟು ಯೋಜನೆಗಳನ್ನು ರೂಪಿಸಿ ಜಾರಿಗೆ ತರಲಾಗುವುದು ಎಂದು ಅವರು ಹೇಳಿದರು.

ಬೆಂಗಳೂರು, ಅ. ೨೮- ನಗರದಲ್ಲಿ ನಡೆದ ಕಾರ್ಯಕ್ರಮದಲ್ಲಿ ಅಧಿಕಾರಿಗಳು ಮಾತನಾಡಿ ಸಾರ್ವಜನಿಕರ ಹಿತಕ್ಕಾಗಿ ಹಲವು ಕ್ರಮಗಳನ್ನು ಕೈಗೊಳ್ಳಲಾಗುವುದು ಎಂದು ತಿಳಿಸಿದರು. ಈ ಸಂದರ್ಭದಲ್ಲಿ ಸ್ಥಳೀಯ ಜನಪ್ರತಿನಿಧಿಗಳು, ಸಂಘಟನೆಗಳ ಮುಖಂಡರು ಹಾಗೂ ನಾಗರಿಕರು ಉಪಸ್ಥಿತರಿದ್ದರು. ಮುಂದಿನ ದಿನಗಳಲ್ಲಿ ಇನ್ನಷ್ಟು ಯೋಜನೆಗಳನ್ನು ರೂಪಿಸಿ ಜಾರಿಗೆ ತರಲಾಗುವುದು ಎಂದು ಅವರು ಹೇಳಿದರು.

ಬೆಂಗಳೂರು, ಅ. ೨೮- ನಗರದಲ್ಲಿ ನಡೆದ ಕಾರ್ಯಕ್ರಮದಲ್ಲಿ ಅಧಿಕಾರಿಗಳು ಮಾತನಾಡಿ ಸಾರ್ವಜನಿಕರ ಹಿತಕ್ಕಾಗಿ ಹಲವು ಕ್ರಮಗಳನ್ನು ಕೈಗೊಳ್ಳಲಾಗುವುದು ಎಂದು ತಿಳಿಸಿದರು. ಈ ಸಂದರ್ಭದಲ್ಲಿ ಸ್ಥಳೀಯ ಜನಪ್ರತಿನಿಧಿಗಳು, ಸಂಘಟನೆಗಳ ಮುಖಂಡರು ಹಾಗೂ ನಾಗರಿಕರು ಉಪಸ್ಥಿತರಿದ್ದರು. ಮುಂದಿನ ದಿನಗಳಲ್ಲಿ ಇನ್ನಷ್ಟು ಯೋಜನೆಗಳನ್ನು ರೂಪಿಸಿ ಜಾರಿಗೆ ತರಲಾಗುವುದು ಎಂದು ಅವರು ಹೇಳಿದರು.

ಬಂಧಿತ ಆರೋಪಿಗಳೊಂದಿಗೆ ಪೊಲೀಸ್ ಸಿಬ್ಬಂದಿ

ಬೆಂಗಳೂರು, ಅ. ೨೮- ನಗರದಲ್ಲಿ ನಡೆದ ಕಾರ್ಯಕ್ರಮದಲ್ಲಿ ಅಧಿಕಾರಿಗಳು ಮಾತನಾಡಿ ಸಾರ್ವಜನಿಕರ ಹಿತಕ್ಕಾಗಿ ಹಲವು ಕ್ರಮಗಳನ್ನು ಕೈಗೊಳ್ಳಲಾಗುವುದು ಎಂದು ತಿಳಿಸಿದರು. ಈ ಸಂದರ್ಭದಲ್ಲಿ ಸ್ಥಳೀಯ ಜನಪ್ರತಿನಿಧಿಗಳು, ಸಂಘಟನೆಗಳ ಮುಖಂಡರು ಹಾಗೂ ನಾಗರಿಕರು ಉಪಸ್ಥಿತರಿದ್ದರು. ಮುಂದಿನ ದಿನಗಳಲ್ಲಿ ಇನ್ನಷ್ಟು ಯೋಜನೆಗಳನ್ನು ರೂಪಿಸಿ ಜಾರಿಗೆ ತರಲಾಗುವುದು ಎಂದು ಅವರು ಹೇಳಿದರು.

ಬೆಂಗಳೂರು, ಅ. ೨೮- ನಗರದಲ್ಲಿ ನಡೆದ ಕಾರ್ಯಕ್ರಮದಲ್ಲಿ ಅಧಿಕಾರಿಗಳು ಮಾತನಾಡಿ ಸಾರ್ವಜನಿಕರ ಹಿತಕ್ಕಾಗಿ ಹಲವು ಕ್ರಮಗಳನ್ನು ಕೈಗೊಳ್ಳಲಾಗುವುದು ಎಂದು ತಿಳಿಸಿದರು. ಈ ಸಂದರ್ಭದಲ್ಲಿ ಸ್ಥಳೀಯ ಜನಪ್ರತಿನಿಧಿಗಳು, ಸಂಘಟನೆಗಳ ಮುಖಂಡರು ಹಾಗೂ ನಾಗರಿಕರು ಉಪಸ್ಥಿತರಿದ್ದರು. ಮುಂದಿನ ದಿನಗಳಲ್ಲಿ ಇನ್ನಷ್ಟು ಯೋಜನೆಗಳನ್ನು ರೂಪಿಸಿ ಜಾರಿಗೆ ತರಲಾಗುವುದು ಎಂದು ಅವರು ಹೇಳಿದರು.

Sanjevani - Printed and Published by R. Srinivasan on behalf of Sahyavani News Publications (P) Ltd. Printed at Deccan Printing Division, 11/2, Queen's Road, Bangalore, Karnataka - 560052
Ph: 080-22253577 | E-mail: sanjevani@gmail.com
